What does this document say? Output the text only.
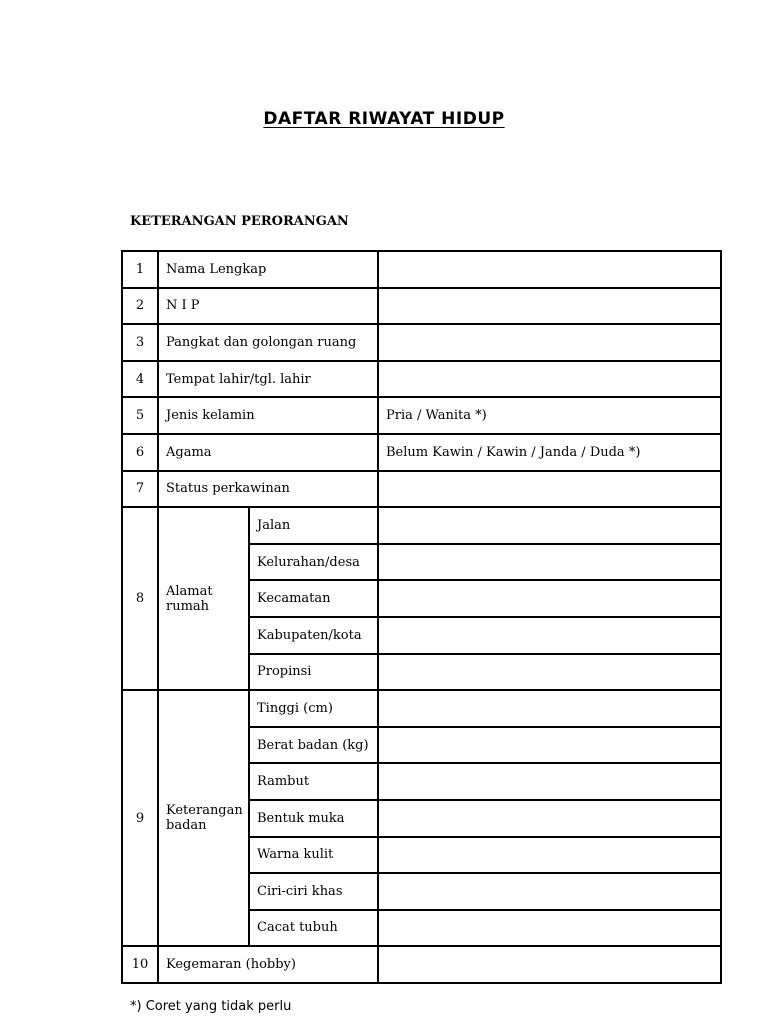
DAFTAR RIWAYAT HIDUP
KETERANGAN PERORANGAN
1	Nama Lengkap		
2	N I P		
3	Pangkat dan golongan ruang		
4	Tempat lahir/tgl. lahir		
5	Jenis kelamin		Pria / Wanita *)
6	Agama		Belum Kawin / Kawin / Janda / Duda *)
7	Status perkawinan		
8	Alamat rumah	Jalan	
		Kelurahan/desa	
		Kecamatan	
		Kabupaten/kota	
		Propinsi	
9	Keterangan badan	Tinggi (cm)	
		Berat badan (kg)	
		Rambut	
		Bentuk muka	
		Warna kulit	
		Ciri-ciri khas	
		Cacat tubuh	
10	Kegemaran (hobby)		
*) Coret yang tidak perlu
